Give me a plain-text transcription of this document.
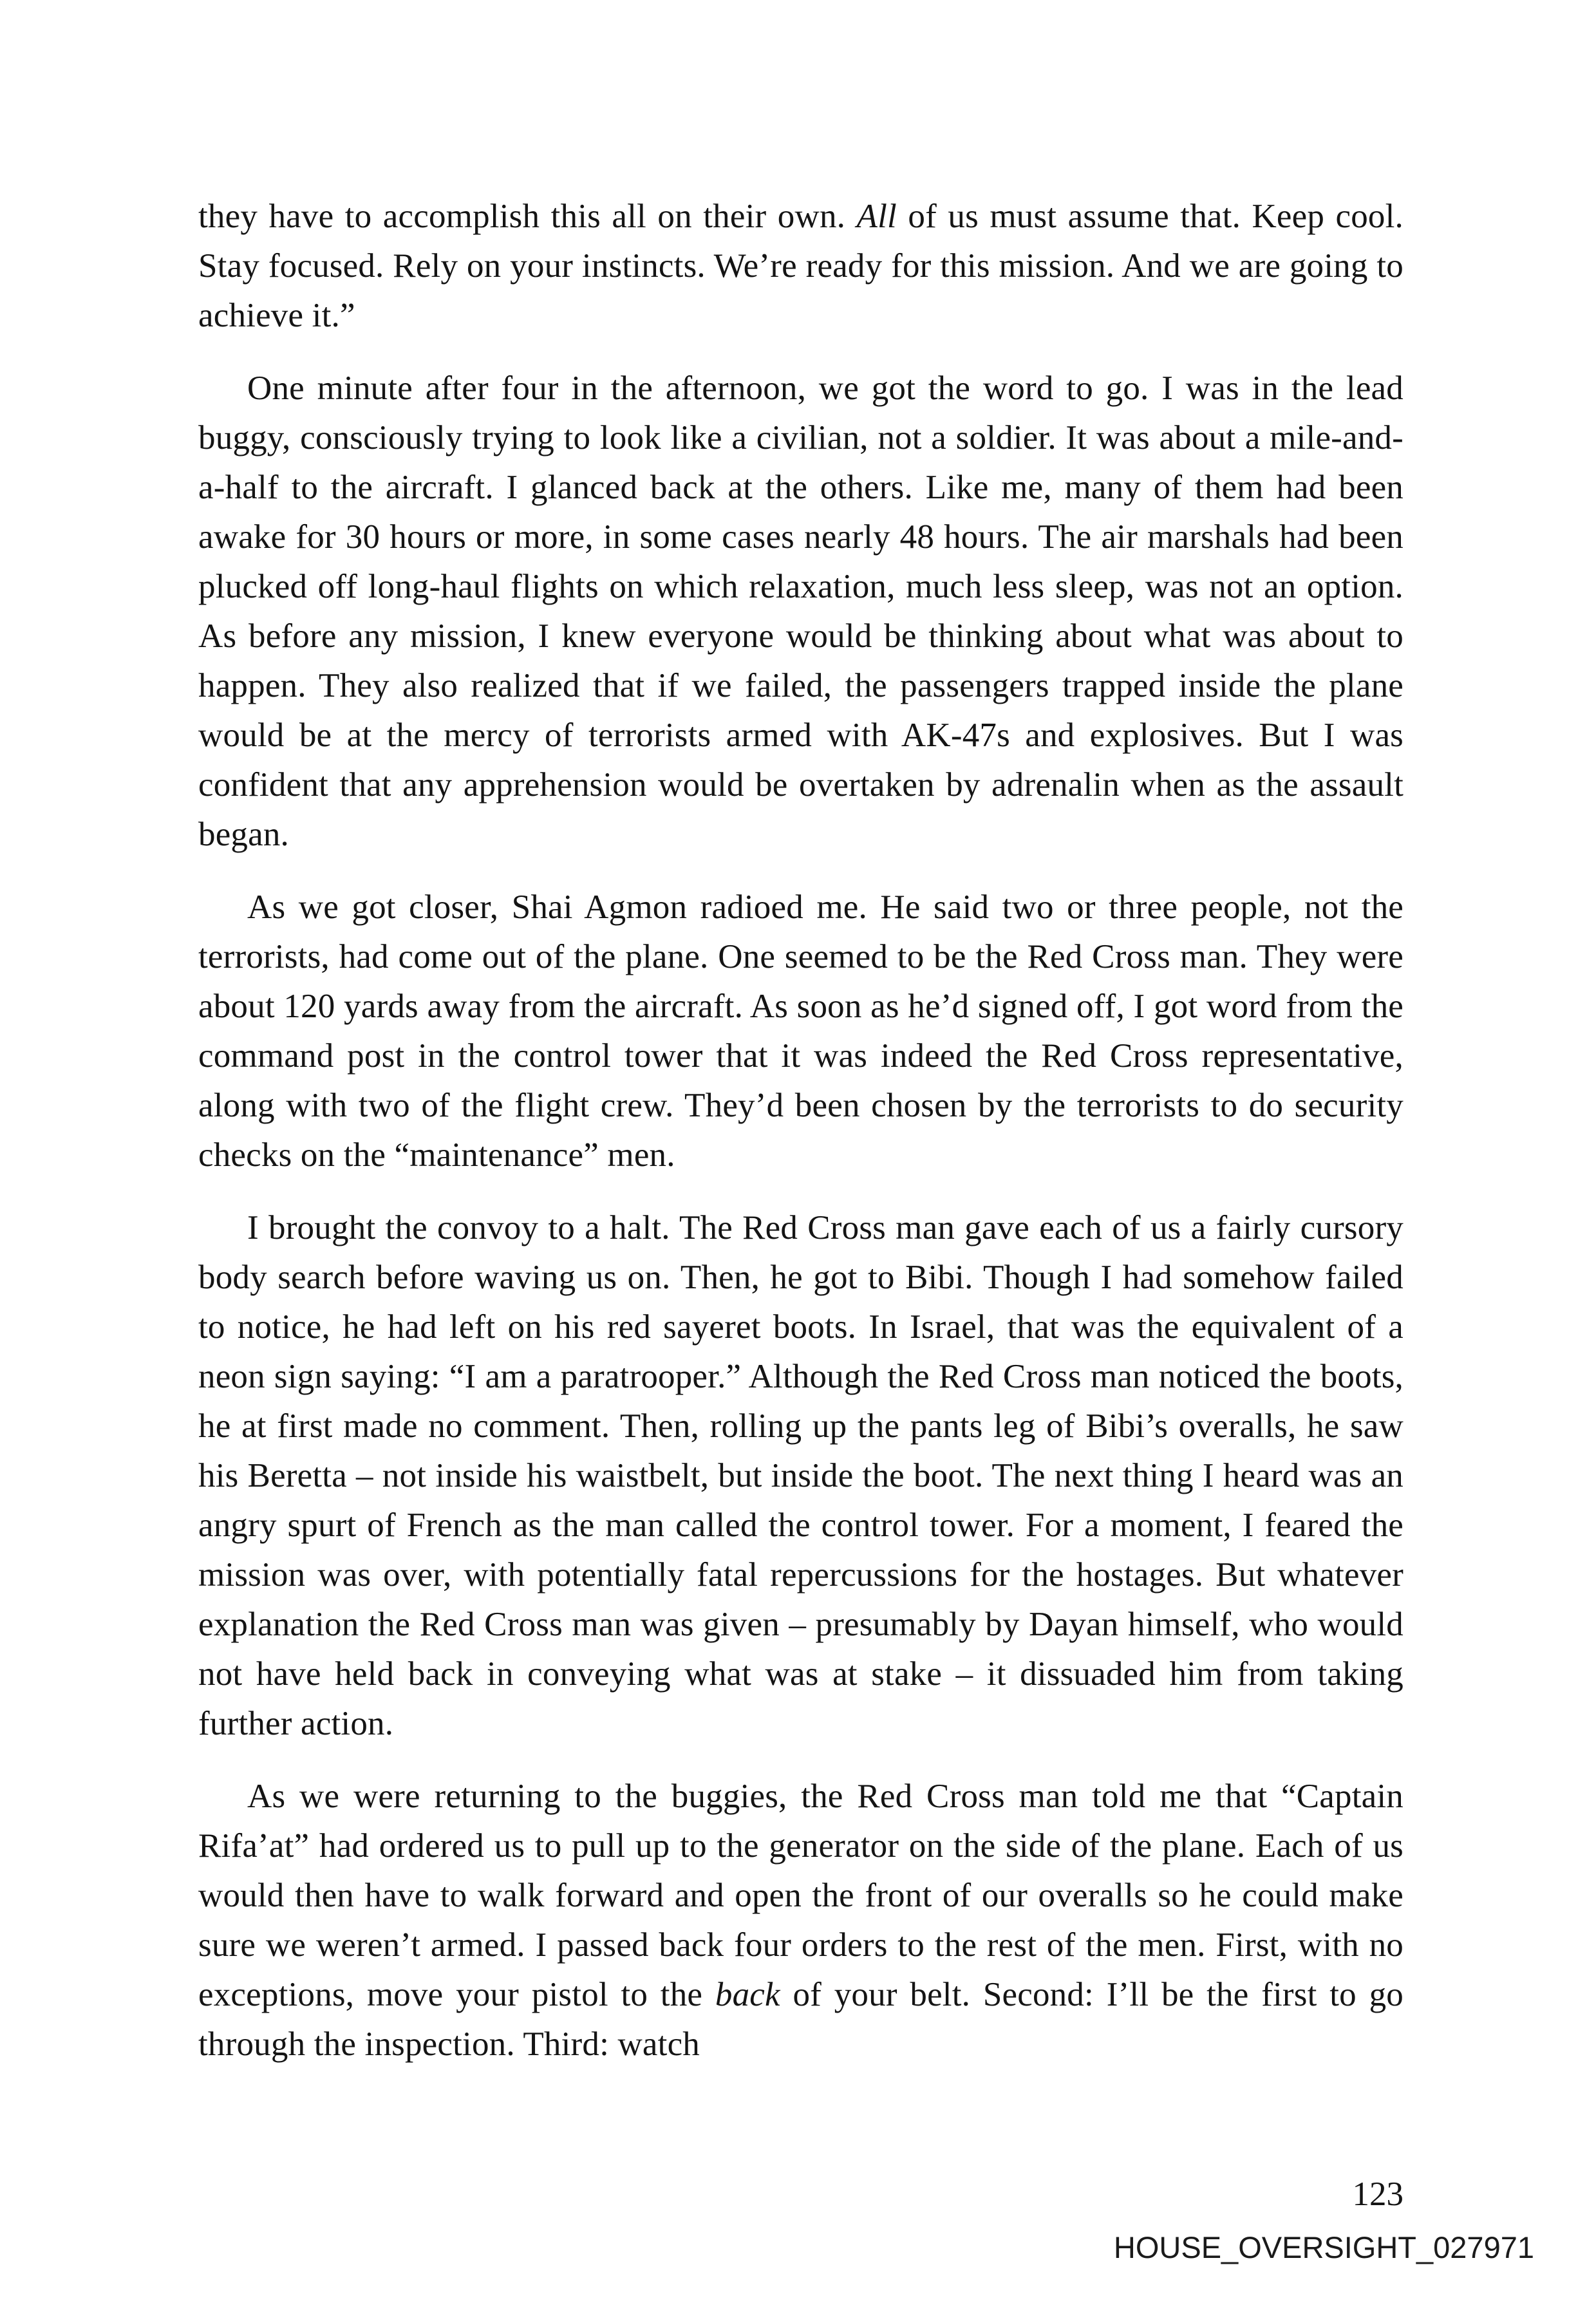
they have to accomplish this all on their own. All of us must assume that. Keep cool. Stay focused. Rely on your instincts. We’re ready for this mission. And we are going to achieve it.”

One minute after four in the afternoon, we got the word to go. I was in the lead buggy, consciously trying to look like a civilian, not a soldier. It was about a mile-and-a-half to the aircraft. I glanced back at the others. Like me, many of them had been awake for 30 hours or more, in some cases nearly 48 hours. The air marshals had been plucked off long-haul flights on which relaxation, much less sleep, was not an option. As before any mission, I knew everyone would be thinking about what was about to happen. They also realized that if we failed, the passengers trapped inside the plane would be at the mercy of terrorists armed with AK-47s and explosives. But I was confident that any apprehension would be overtaken by adrenalin when as the assault began.

As we got closer, Shai Agmon radioed me. He said two or three people, not the terrorists, had come out of the plane. One seemed to be the Red Cross man. They were about 120 yards away from the aircraft. As soon as he’d signed off, I got word from the command post in the control tower that it was indeed the Red Cross representative, along with two of the flight crew. They’d been chosen by the terrorists to do security checks on the “maintenance” men.

I brought the convoy to a halt. The Red Cross man gave each of us a fairly cursory body search before waving us on. Then, he got to Bibi. Though I had somehow failed to notice, he had left on his red sayeret boots. In Israel, that was the equivalent of a neon sign saying: “I am a paratrooper.” Although the Red Cross man noticed the boots, he at first made no comment. Then, rolling up the pants leg of Bibi’s overalls, he saw his Beretta – not inside his waistbelt, but inside the boot. The next thing I heard was an angry spurt of French as the man called the control tower. For a moment, I feared the mission was over, with potentially fatal repercussions for the hostages. But whatever explanation the Red Cross man was given – presumably by Dayan himself, who would not have held back in conveying what was at stake – it dissuaded him from taking further action.

As we were returning to the buggies, the Red Cross man told me that “Captain Rifa’at” had ordered us to pull up to the generator on the side of the plane. Each of us would then have to walk forward and open the front of our overalls so he could make sure we weren’t armed. I passed back four orders to the rest of the men. First, with no exceptions, move your pistol to the back of your belt. Second: I’ll be the first to go through the inspection. Third: watch

123
HOUSE_OVERSIGHT_027971
